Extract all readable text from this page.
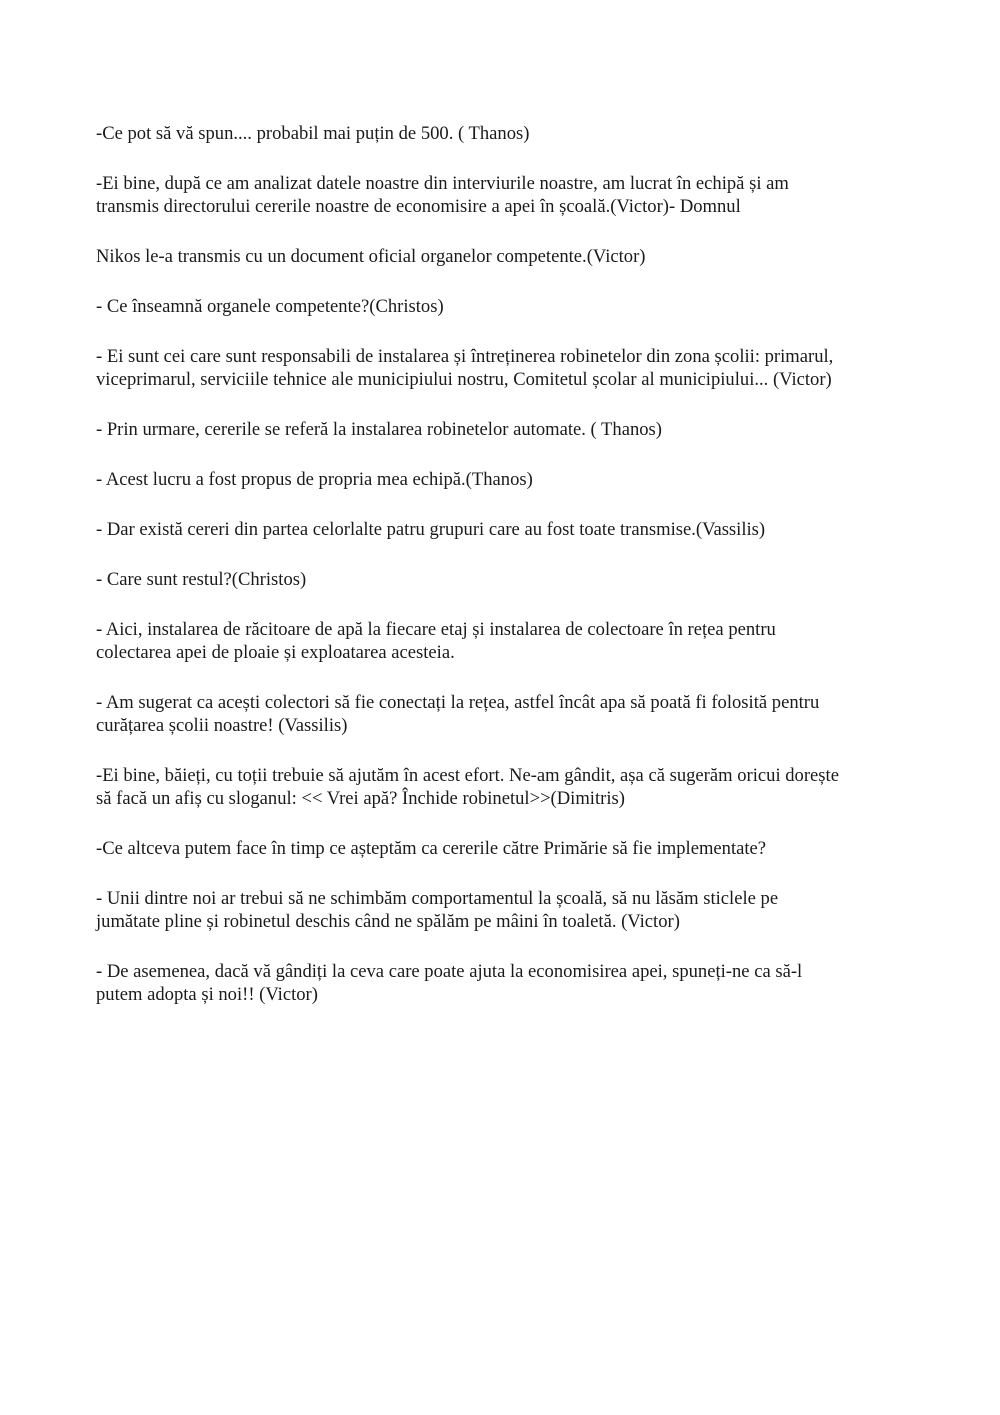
-Ce pot să vă spun.... probabil mai puțin de 500. ( Thanos)

-Ei bine, după ce am analizat datele noastre din interviurile noastre, am lucrat în echipă și am
transmis directorului cererile noastre de economisire a apei în școală.(Victor)- Domnul

Nikos le-a transmis cu un document oficial organelor competente.(Victor)

- Ce înseamnă organele competente?(Christos)

- Ei sunt cei care sunt responsabili de instalarea și întreținerea robinetelor din zona școlii: primarul,
viceprimarul, serviciile tehnice ale municipiului nostru, Comitetul școlar al municipiului... (Victor)

- Prin urmare, cererile se referă la instalarea robinetelor automate. ( Thanos)

- Acest lucru a fost propus de propria mea echipă.(Thanos)

- Dar există cereri din partea celorlalte patru grupuri care au fost toate transmise.(Vassilis)

- Care sunt restul?(Christos)

- Aici, instalarea de răcitoare de apă la fiecare etaj și instalarea de colectoare în rețea pentru
colectarea apei de ploaie și exploatarea acesteia.

- Am sugerat ca acești colectori să fie conectați la rețea, astfel încât apa să poată fi folosită pentru
curățarea școlii noastre! (Vassilis)

-Ei bine, băieți, cu toții trebuie să ajutăm în acest efort. Ne-am gândit, așa că sugerăm oricui dorește
să facă un afiș cu sloganul: << Vrei apă? Închide robinetul>>(Dimitris)

-Ce altceva putem face în timp ce așteptăm ca cererile către Primărie să fie implementate?

- Unii dintre noi ar trebui să ne schimbăm comportamentul la școală, să nu lăsăm sticlele pe
jumătate pline și robinetul deschis când ne spălăm pe mâini în toaletă. (Victor)

- De asemenea, dacă vă gândiți la ceva care poate ajuta la economisirea apei, spuneți-ne ca să-l
putem adopta și noi!! (Victor)
